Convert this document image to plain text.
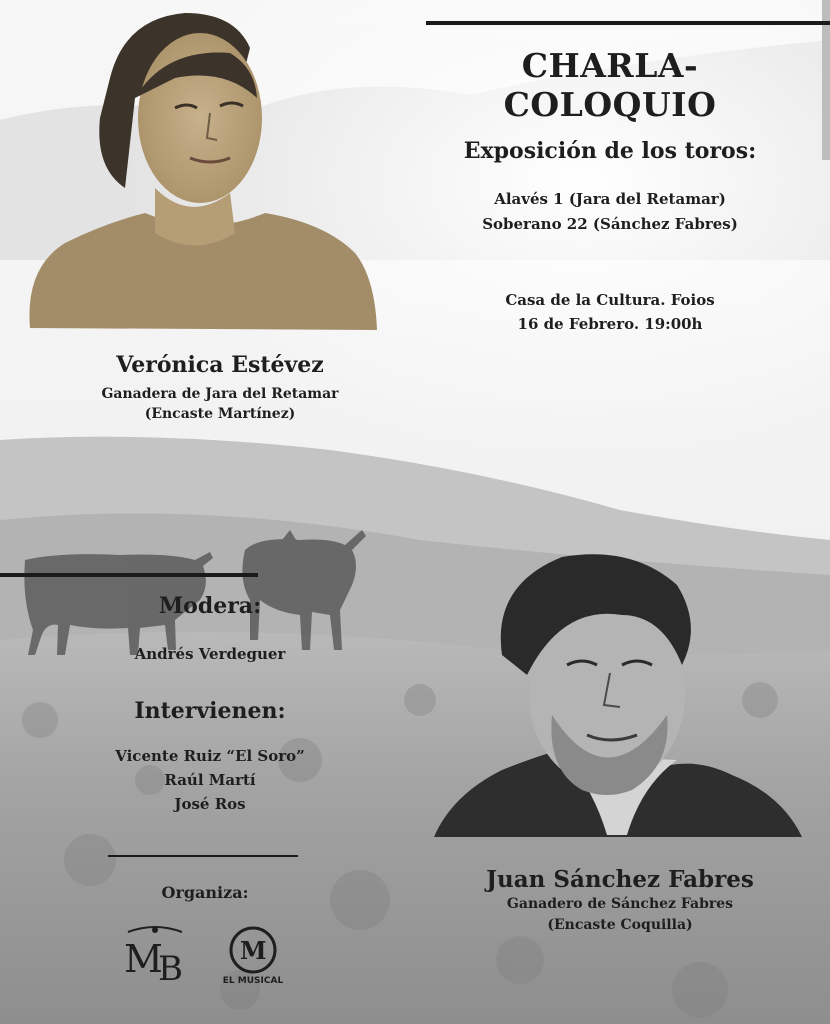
CHARLA-COLOQUIO
Exposición de los toros:
Alavés 1 (Jara del Retamar)
Soberano 22 (Sánchez Fabres)
Casa de la Cultura. Foios
16 de Febrero. 19:00h
Verónica Estévez
Ganadera de Jara del Retamar
(Encaste Martínez)
Modera:
Andrés Verdeguer
Intervienen:
Vicente Ruiz “El Soro”
Raúl Martí
José Ros
Organiza:
M
B M
EL MUSICAL
Juan Sánchez Fabres
Ganadero de Sánchez Fabres
(Encaste Coquilla)
